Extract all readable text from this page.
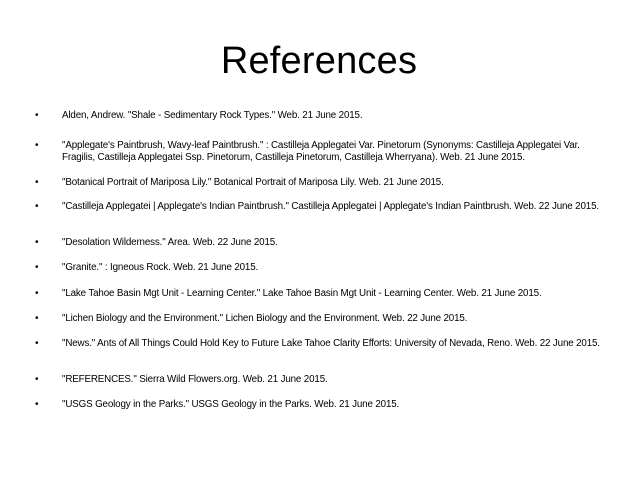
References
• Alden, Andrew. "Shale - Sedimentary Rock Types." Web. 21 June 2015.
• "Applegate's Paintbrush, Wavy-leaf Paintbrush." : Castilleja Applegatei Var. Pinetorum (Synonyms: Castilleja Applegatei Var. Fragilis, Castilleja Applegatei Ssp. Pinetorum, Castilleja Pinetorum, Castilleja Wherryana). Web. 21 June 2015.
• "Botanical Portrait of Mariposa Lily." Botanical Portrait of Mariposa Lily. Web. 21 June 2015.
• "Castilleja Applegatei | Applegate's Indian Paintbrush." Castilleja Applegatei | Applegate's Indian Paintbrush. Web. 22 June 2015.
• "Desolation Wilderness." Area. Web. 22 June 2015.
• "Granite." : Igneous Rock. Web. 21 June 2015.
• "Lake Tahoe Basin Mgt Unit - Learning Center." Lake Tahoe Basin Mgt Unit - Learning Center. Web. 21 June 2015.
• "Lichen Biology and the Environment." Lichen Biology and the Environment. Web. 22 June 2015.
• "News." Ants of All Things Could Hold Key to Future Lake Tahoe Clarity Efforts: University of Nevada, Reno. Web. 22 June 2015.
• "REFERENCES." Sierra Wild Flowers.org. Web. 21 June 2015.
• "USGS Geology in the Parks." USGS Geology in the Parks. Web. 21 June 2015.
